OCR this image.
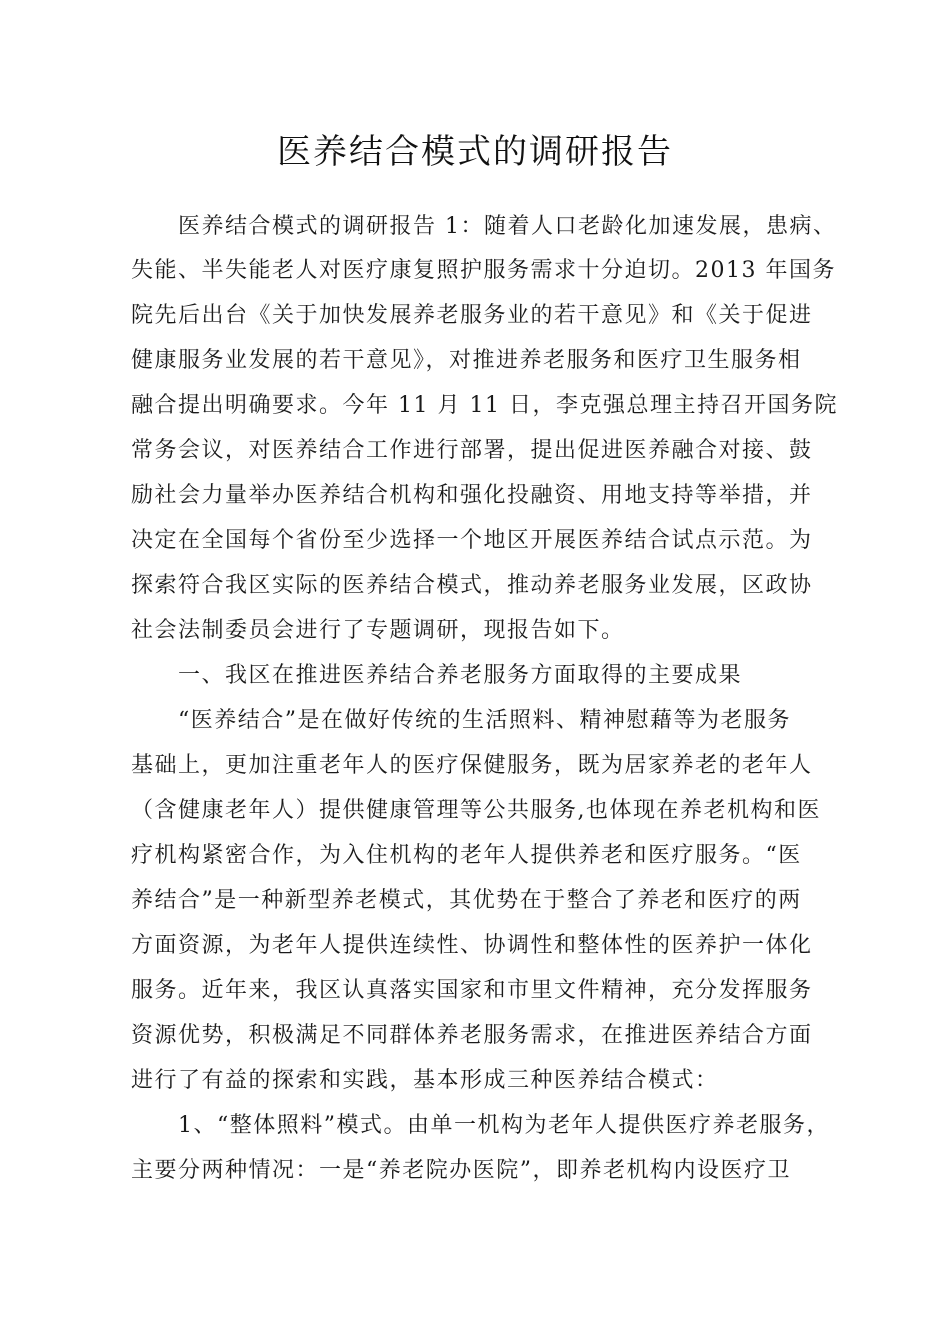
医养结合模式的调研报告
医养结合模式的调研报告 1：随着人口老龄化加速发展，患病、
失能、半失能老人对医疗康复照护服务需求十分迫切。2013 年国务
院先后出台《关于加快发展养老服务业的若干意见》和《关于促进
健康服务业发展的若干意见》，对推进养老服务和医疗卫生服务相
融合提出明确要求。今年 11 月 11 日，李克强总理主持召开国务院
常务会议，对医养结合工作进行部署，提出促进医养融合对接、鼓
励社会力量举办医养结合机构和强化投融资、用地支持等举措，并
决定在全国每个省份至少选择一个地区开展医养结合试点示范。为
探索符合我区实际的医养结合模式，推动养老服务业发展，区政协
社会法制委员会进行了专题调研，现报告如下。
一、我区在推进医养结合养老服务方面取得的主要成果
“医养结合”是在做好传统的生活照料、精神慰藉等为老服务
基础上，更加注重老年人的医疗保健服务，既为居家养老的老年人
（含健康老年人）提供健康管理等公共服务,也体现在养老机构和医
疗机构紧密合作，为入住机构的老年人提供养老和医疗服务。“医
养结合”是一种新型养老模式，其优势在于整合了养老和医疗的两
方面资源，为老年人提供连续性、协调性和整体性的医养护一体化
服务。近年来，我区认真落实国家和市里文件精神，充分发挥服务
资源优势，积极满足不同群体养老服务需求，在推进医养结合方面
进行了有益的探索和实践，基本形成三种医养结合模式：
1、“整体照料”模式。由单一机构为老年人提供医疗养老服务，
主要分两种情况：一是“养老院办医院”，即养老机构内设医疗卫
